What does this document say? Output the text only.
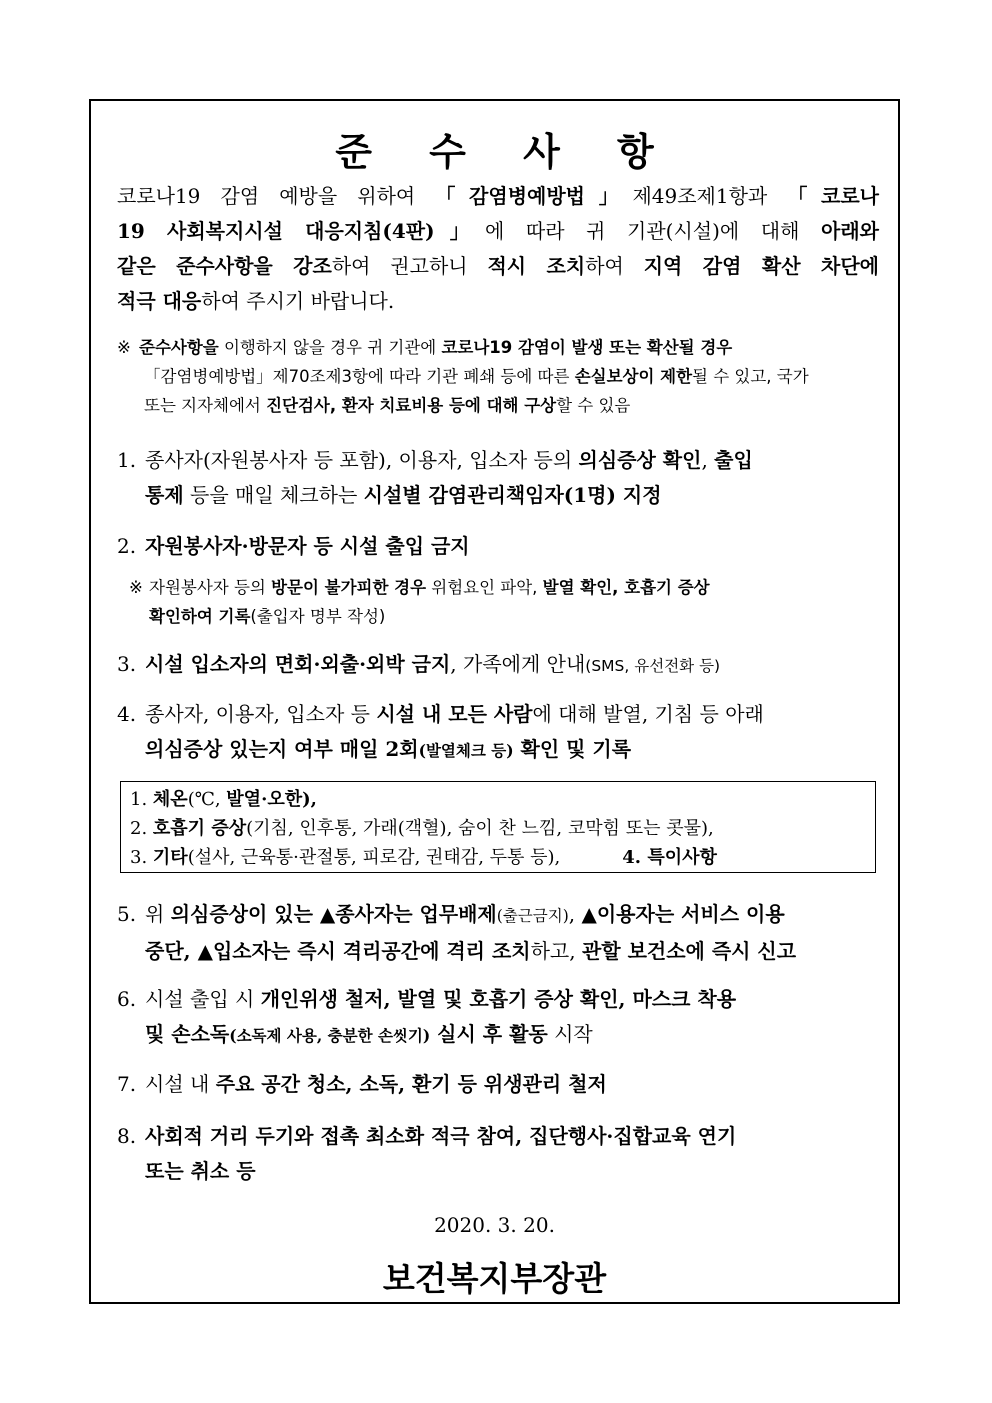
준 수 사 항
코로나19 감염 예방을 위하여 「감염병예방법」제49조제1항과 「코로나
19 사회복지시설 대응지침(4판)」에 따라 귀 기관(시설)에 대해 아래와
같은 준수사항을 강조하여 권고하니 적시 조치하여 지역 감염 확산 차단에
적극 대응하여 주시기 바랍니다.
※ 준수사항을 이행하지 않을 경우 귀 기관에 코로나19 감염이 발생 또는 확산될 경우
「감염병예방법」제70조제3항에 따라 기관 폐쇄 등에 따른 손실보상이 제한될 수 있고, 국가
또는 지자체에서 진단검사, 환자 치료비용 등에 대해 구상할 수 있음
1. 종사자(자원봉사자 등 포함), 이용자, 입소자 등의 의심증상 확인, 출입
통제 등을 매일 체크하는 시설별 감염관리책임자(1명) 지정
2. 자원봉사자·방문자 등 시설 출입 금지
※ 자원봉사자 등의 방문이 불가피한 경우 위험요인 파악, 발열 확인, 호흡기 증상
확인하여 기록(출입자 명부 작성)
3. 시설 입소자의 면회·외출·외박 금지, 가족에게 안내(SMS, 유선전화 등)
4. 종사자, 이용자, 입소자 등 시설 내 모든 사람에 대해 발열, 기침 등 아래
의심증상 있는지 여부 매일 2회(발열체크 등) 확인 및 기록
1. 체온(℃, 발열·오한),
2. 호흡기 증상(기침, 인후통, 가래(객혈), 숨이 찬 느낌, 코막힘 또는 콧물),
3. 기타(설사, 근육통·관절통, 피로감, 권태감, 두통 등),	4. 특이사항
5. 위 의심증상이 있는 ▲종사자는 업무배제(출근금지), ▲이용자는 서비스 이용
중단, ▲입소자는 즉시 격리공간에 격리 조치하고, 관할 보건소에 즉시 신고
6. 시설 출입 시 개인위생 철저, 발열 및 호흡기 증상 확인, 마스크 착용
및 손소독(소독제 사용, 충분한 손씻기) 실시 후 활동 시작
7. 시설 내 주요 공간 청소, 소독, 환기 등 위생관리 철저
8. 사회적 거리 두기와 접촉 최소화 적극 참여, 집단행사·집합교육 연기
또는 취소 등
2020. 3. 20.
보건복지부장관
